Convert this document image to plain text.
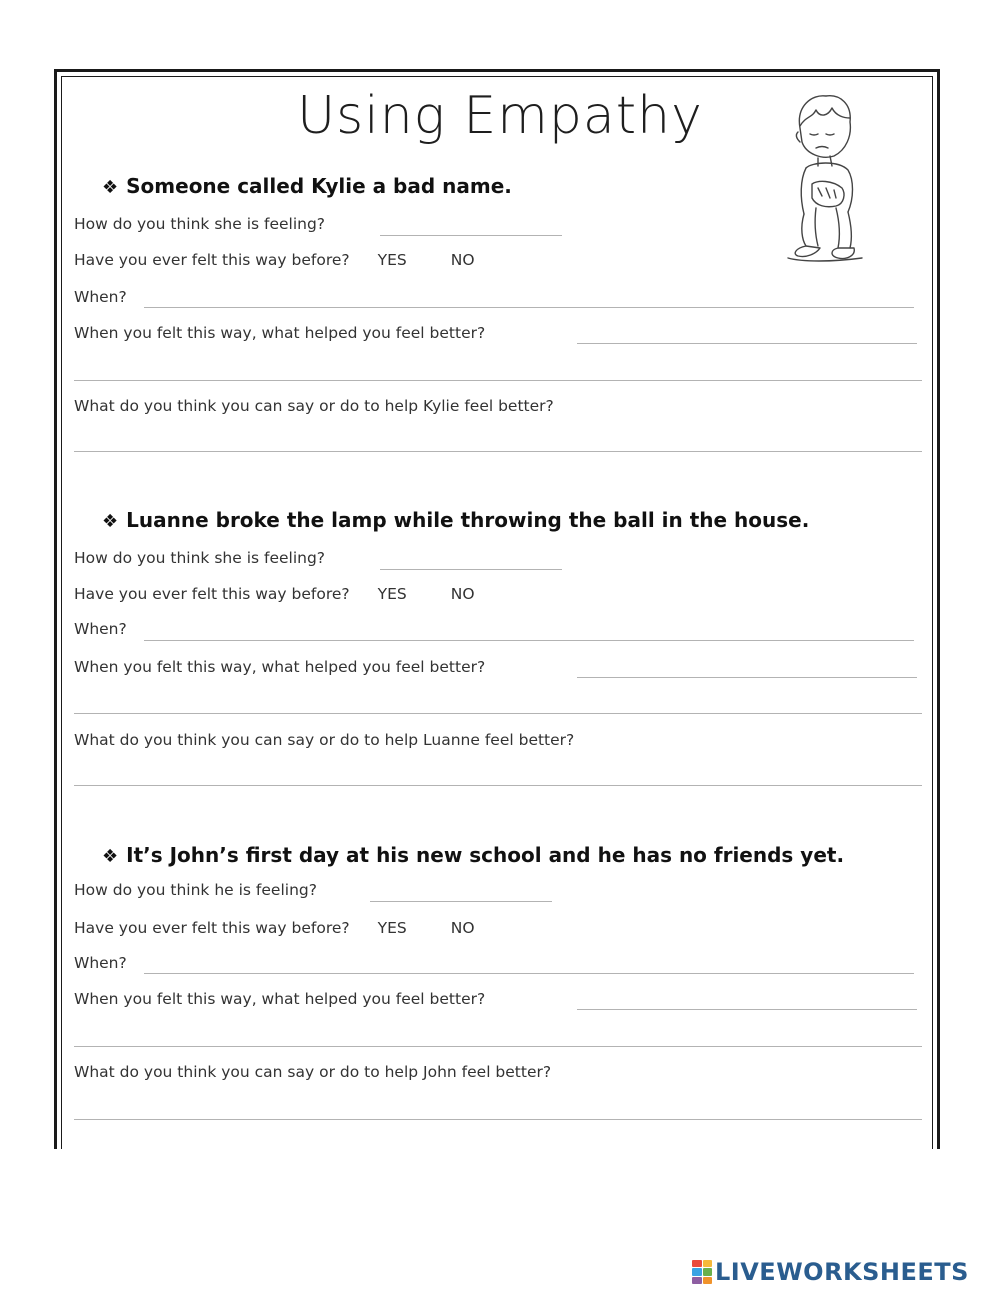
Using Empathy
❖ Someone called Kylie a bad name.
How do you think she is feeling?
Have you ever felt this way before? YES	NO
When?
When you felt this way, what helped you feel better?
What do you think you can say or do to help Kylie feel better?
❖ Luanne broke the lamp while throwing the ball in the house.
How do you think she is feeling?
Have you ever felt this way before? YES	NO
When?
When you felt this way, what helped you feel better?
What do you think you can say or do to help Luanne feel better?
❖ It’s John’s first day at his new school and he has no friends yet.
How do you think he is feeling?
Have you ever felt this way before? YES	NO
When?
When you felt this way, what helped you feel better?
What do you think you can say or do to help John feel better?
LIVEWORKSHEETS
